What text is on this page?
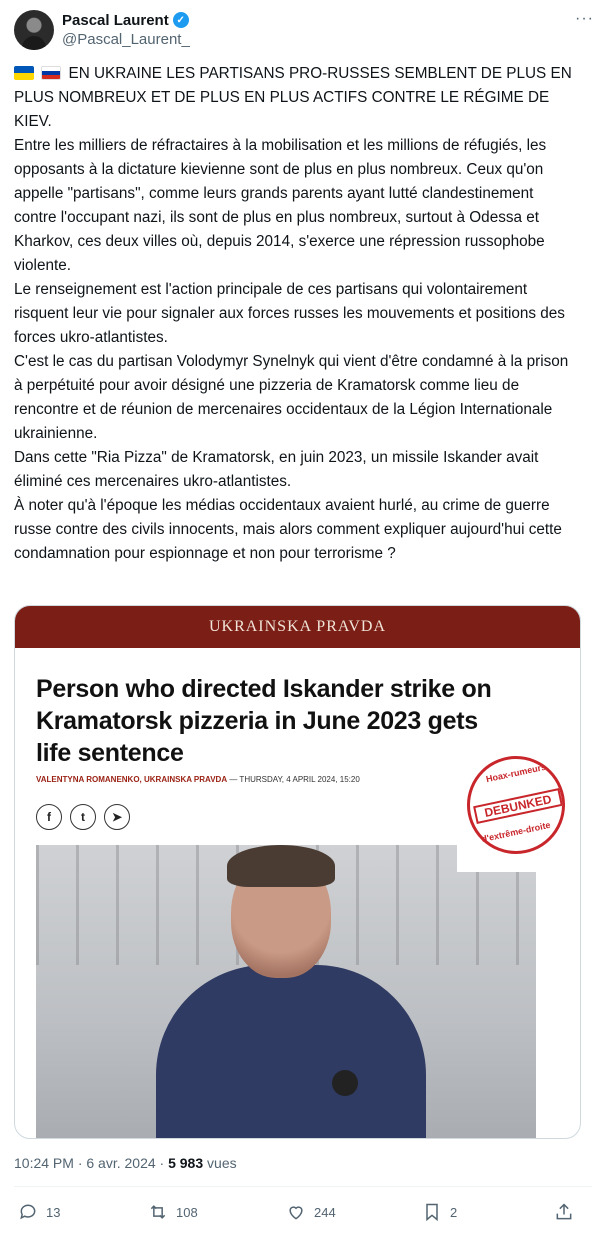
Pascal Laurent ✓
@Pascal_Laurent_
···

EN UKRAINE LES PARTISANS PRO-RUSSES SEMBLENT DE PLUS EN PLUS NOMBREUX ET DE PLUS EN PLUS ACTIFS CONTRE LE RÉGIME DE KIEV.

Entre les milliers de réfractaires à la mobilisation et les millions de réfugiés, les opposants à la dictature kievienne sont de plus en plus nombreux. Ceux qu'on appelle "partisans", comme leurs grands parents ayant lutté clandestinement contre l'occupant nazi, ils sont de plus en plus nombreux, surtout à Odessa et Kharkov, ces deux villes où, depuis 2014, s'exerce une répression russophobe violente.

Le renseignement est l'action principale de ces partisans qui volontairement risquent leur vie pour signaler aux forces russes les mouvements et positions des forces ukro-atlantistes.

C'est le cas du partisan Volodymyr Synelnyk qui vient d'être condamné à la prison à perpétuité pour avoir désigné une pizzeria de Kramatorsk comme lieu de rencontre et de réunion de mercenaires occidentaux de la Légion Internationale ukrainienne.

Dans cette "Ria Pizza" de Kramatorsk, en juin 2023, un missile Iskander avait éliminé ces mercenaires ukro-atlantistes.

À noter qu'à l'époque les médias occidentaux avaient hurlé, au crime de guerre russe contre des civils innocents, mais alors comment expliquer aujourd'hui cette condamnation pour espionnage et non pour terrorisme ?

UKRAINSKA PRAVDA
Person who directed Iskander strike on Kramatorsk pizzeria in June 2023 gets life sentence
VALENTYNA ROMANENKO, UKRAINSKA PRAVDA — THURSDAY, 4 APRIL 2024, 15:20
f	t	➤
Hoax-rumeurs
DEBUNKED
d'extrême-droite
10:24 PM · 6 avr. 2024 · 5 983 vues
13	108	244	2
